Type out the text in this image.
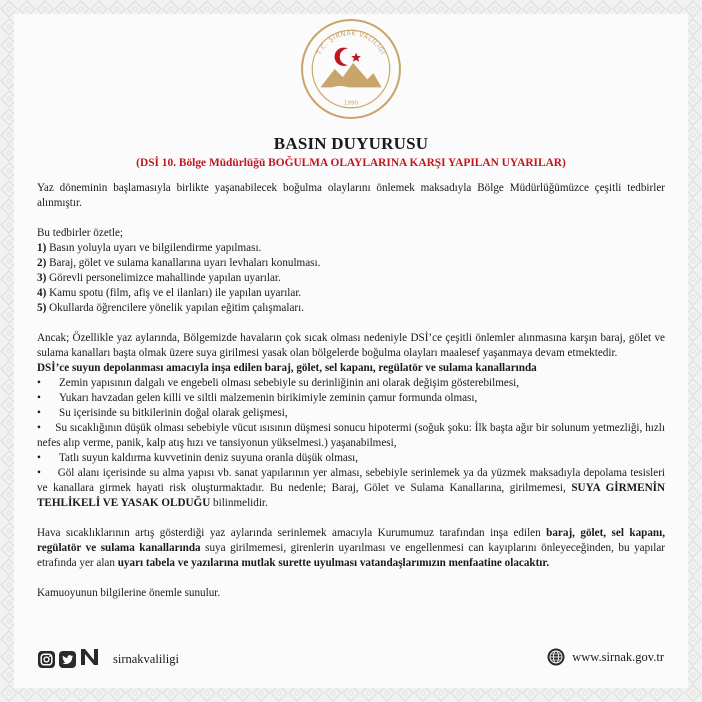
T.C. ŞIRNAK VALİLİĞİ
1990
BASIN DUYURUSU
(DSİ 10. Bölge Müdürlüğü BOĞULMA OLAYLARINA KARŞI YAPILAN UYARILAR)

Yaz döneminin başlamasıyla birlikte yaşanabilecek boğulma olaylarını önlemek maksadıyla Bölge Müdürlüğümüzce çeşitli tedbirler alınmıştır.

Bu tedbirler özetle;

1) Basın yoluyla uyarı ve bilgilendirme yapılması.

2) Baraj, gölet ve sulama kanallarına uyarı levhaları konulması.

3) Görevli personelimizce mahallinde yapılan uyarılar.

4) Kamu spotu (film, afiş ve el ilanları) ile yapılan uyarılar.

5) Okullarda öğrencilere yönelik yapılan eğitim çalışmaları.

Ancak; Özellikle yaz aylarında, Bölgemizde havaların çok sıcak olması nedeniyle DSİ’ce çeşitli önlemler alınmasına karşın baraj, gölet ve sulama kanalları başta olmak üzere suya girilmesi yasak olan bölgelerde boğulma olayları maalesef yaşanmaya devam etmektedir.

DSİ’ce suyun depolanması amacıyla inşa edilen baraj, gölet, sel kapanı, regülatör ve sulama kanallarında

•	Zemin yapısının dalgalı ve engebeli olması sebebiyle su derinliğinin ani olarak değişim gösterebilmesi,
•	Yukarı havzadan gelen killi ve siltli malzemenin birikimiyle zeminin çamur formunda olması,
•	Su içerisinde su bitkilerinin doğal olarak gelişmesi,

• Su sıcaklığının düşük olması sebebiyle vücut ısısının düşmesi sonucu hipotermi (soğuk şoku: İlk başta ağır bir solunum yetmezliği, hızlı nefes alıp verme, panik, kalp atış hızı ve tansiyonun yükselmesi.) yaşanabilmesi,

•	Tatlı suyun kaldırma kuvvetinin deniz suyuna oranla düşük olması,

• Göl alanı içerisinde su alma yapısı vb. sanat yapılarının yer alması, sebebiyle serinlemek ya da yüzmek maksadıyla depolama tesisleri ve kanallara girmek hayati risk oluşturmaktadır. Bu nedenle; Baraj, Gölet ve Sulama Kanallarına, girilmemesi, SUYA GİRMENİN TEHLİKELİ VE YASAK OLDUĞU bilinmelidir.

Hava sıcaklıklarının artış gösterdiği yaz aylarında serinlemek amacıyla Kurumumuz tarafından inşa edilen baraj, gölet, sel kapanı, regülatör ve sulama kanallarında suya girilmemesi, girenlerin uyarılması ve engellenmesi can kayıplarını önleyeceğinden, bu yapılar etrafında yer alan uyarı tabela ve yazılarına mutlak surette uyulması vatandaşlarımızın menfaatine olacaktır.

Kamuoyunun bilgilerine önemle sunulur.

sirnakvaliligi	www.sirnak.gov.tr
